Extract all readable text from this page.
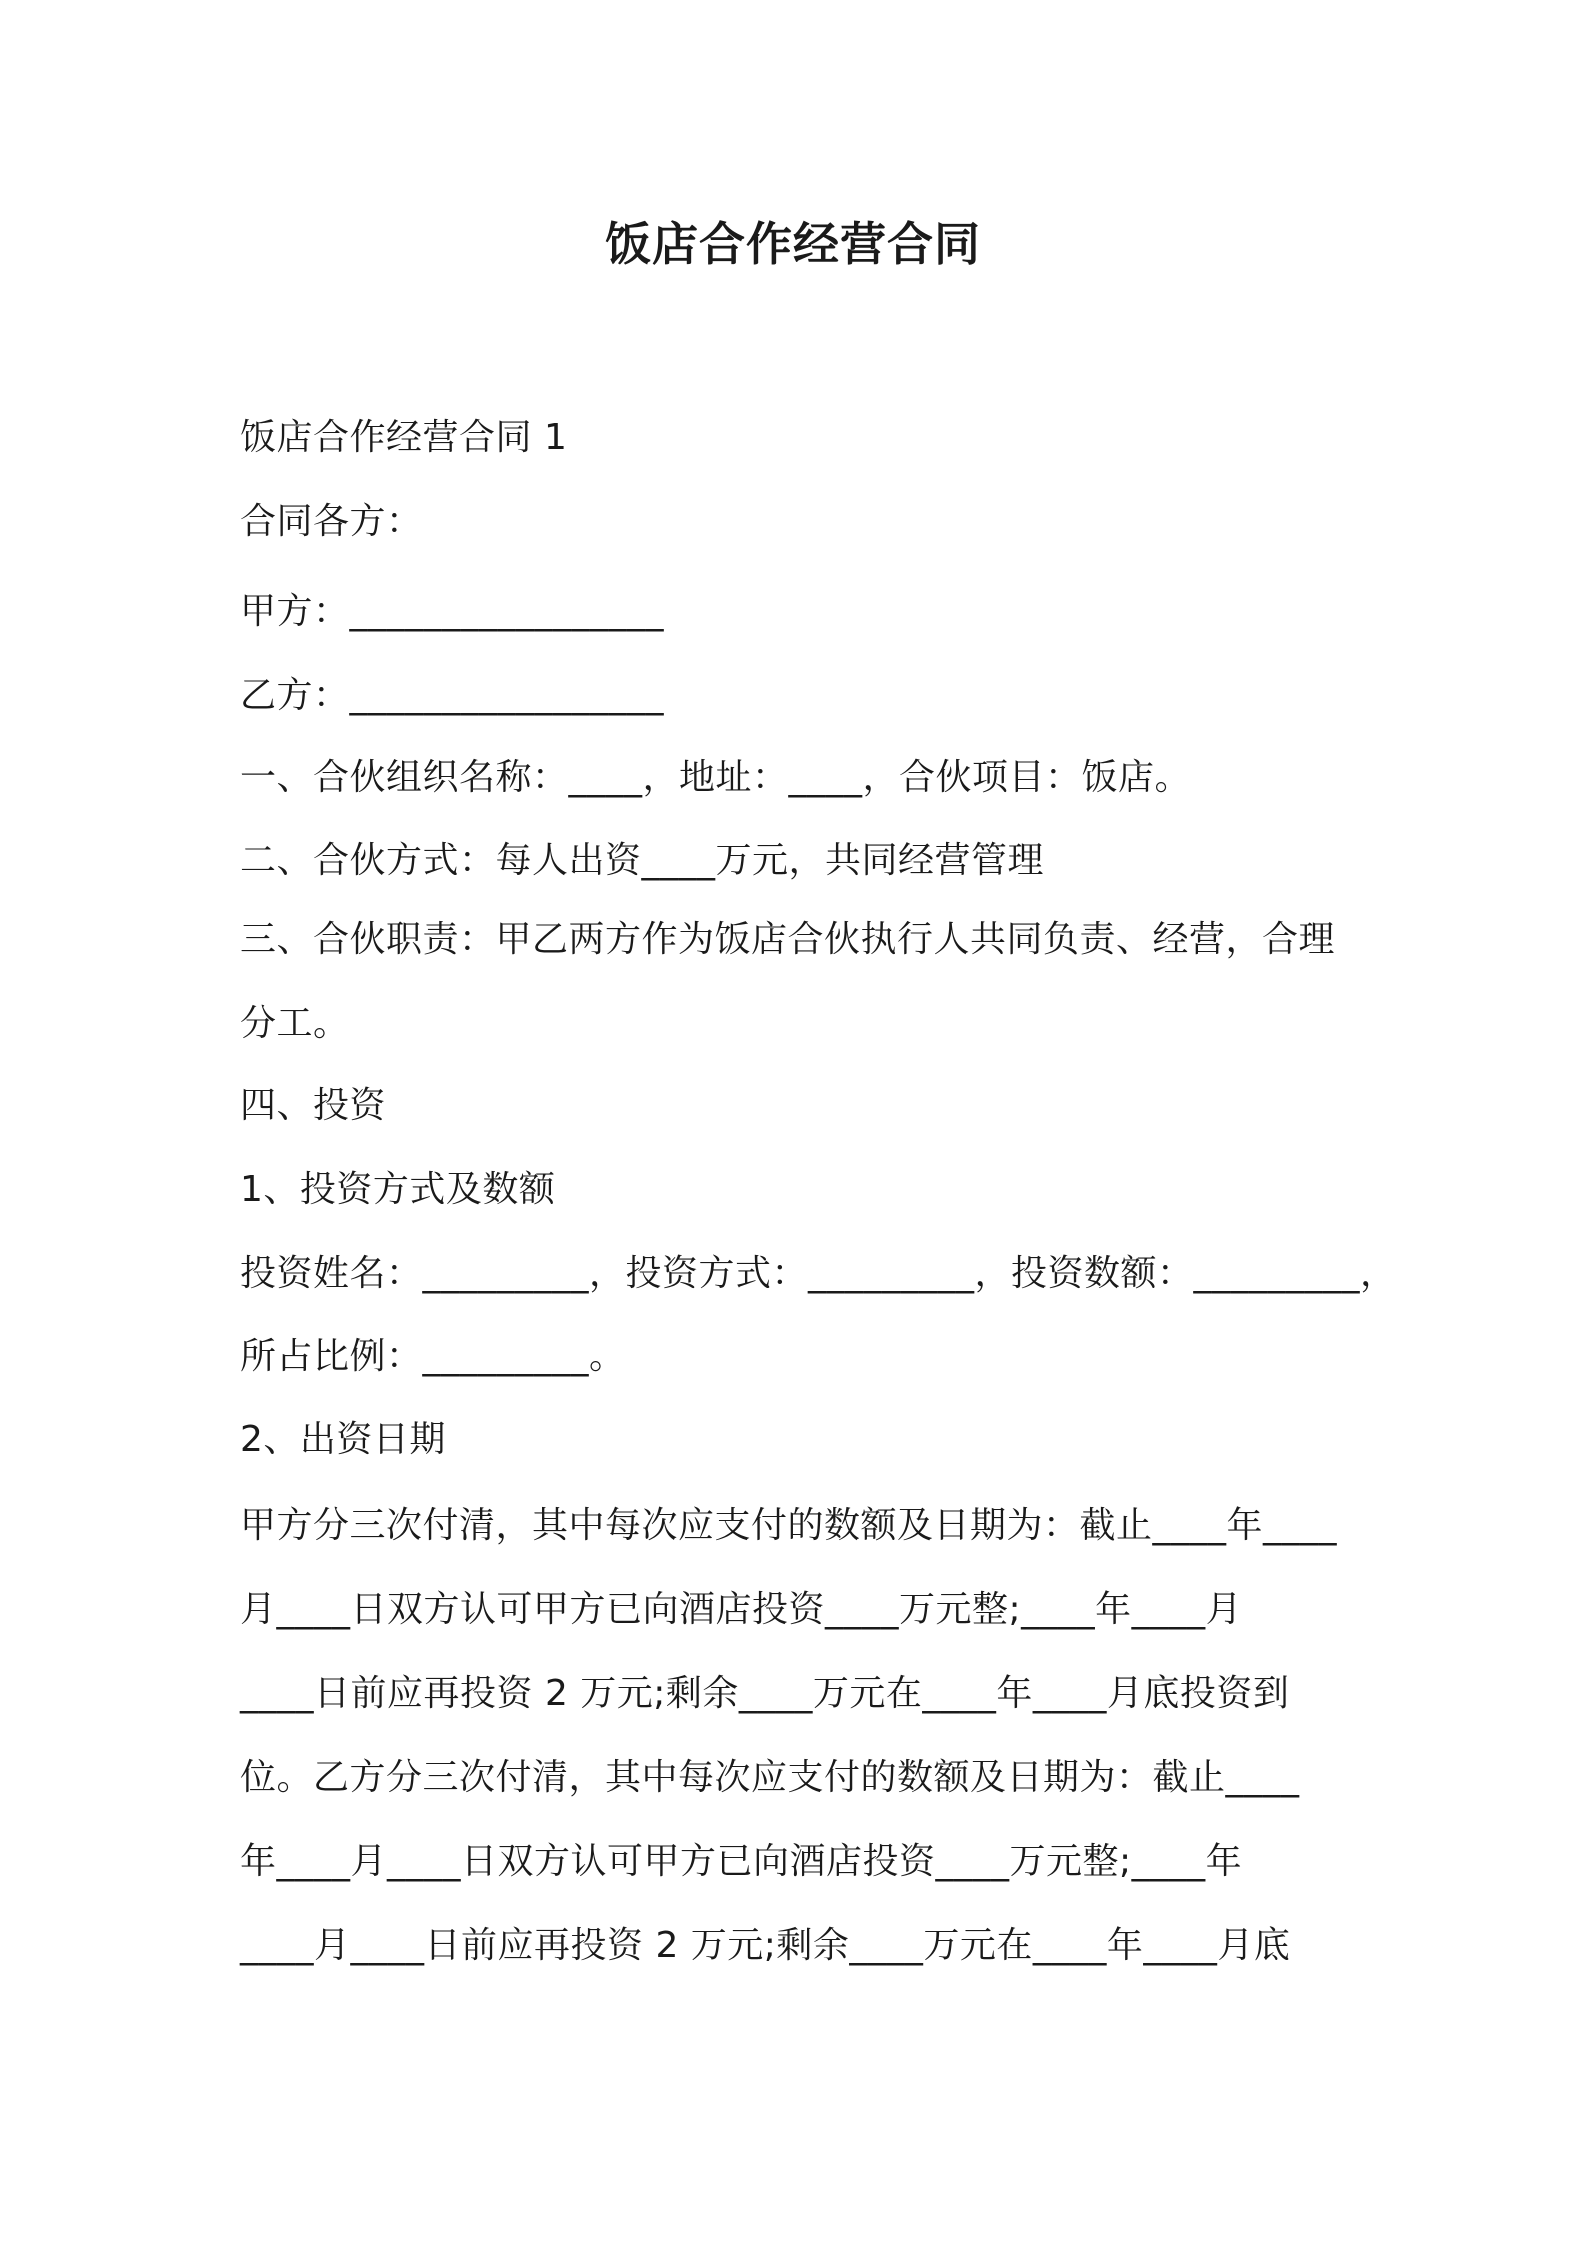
饭店合作经营合同
饭店合作经营合同 1
合同各方：
甲方：_________________
乙方：_________________
一、合伙组织名称：____，地址：____，合伙项目：饭店。
二、合伙方式：每人出资____万元，共同经营管理
三、合伙职责：甲乙两方作为饭店合伙执行人共同负责、经营，合理
分工。
四、投资
1、投资方式及数额
投资姓名：_________，投资方式：_________，投资数额：_________，
所占比例：_________。
2、出资日期
甲方分三次付清，其中每次应支付的数额及日期为：截止____年____
月____日双方认可甲方已向酒店投资____万元整;____年____月
____日前应再投资 2 万元;剩余____万元在____年____月底投资到
位。乙方分三次付清，其中每次应支付的数额及日期为：截止____
年____月____日双方认可甲方已向酒店投资____万元整;____年
____月____日前应再投资 2 万元;剩余____万元在____年____月底
